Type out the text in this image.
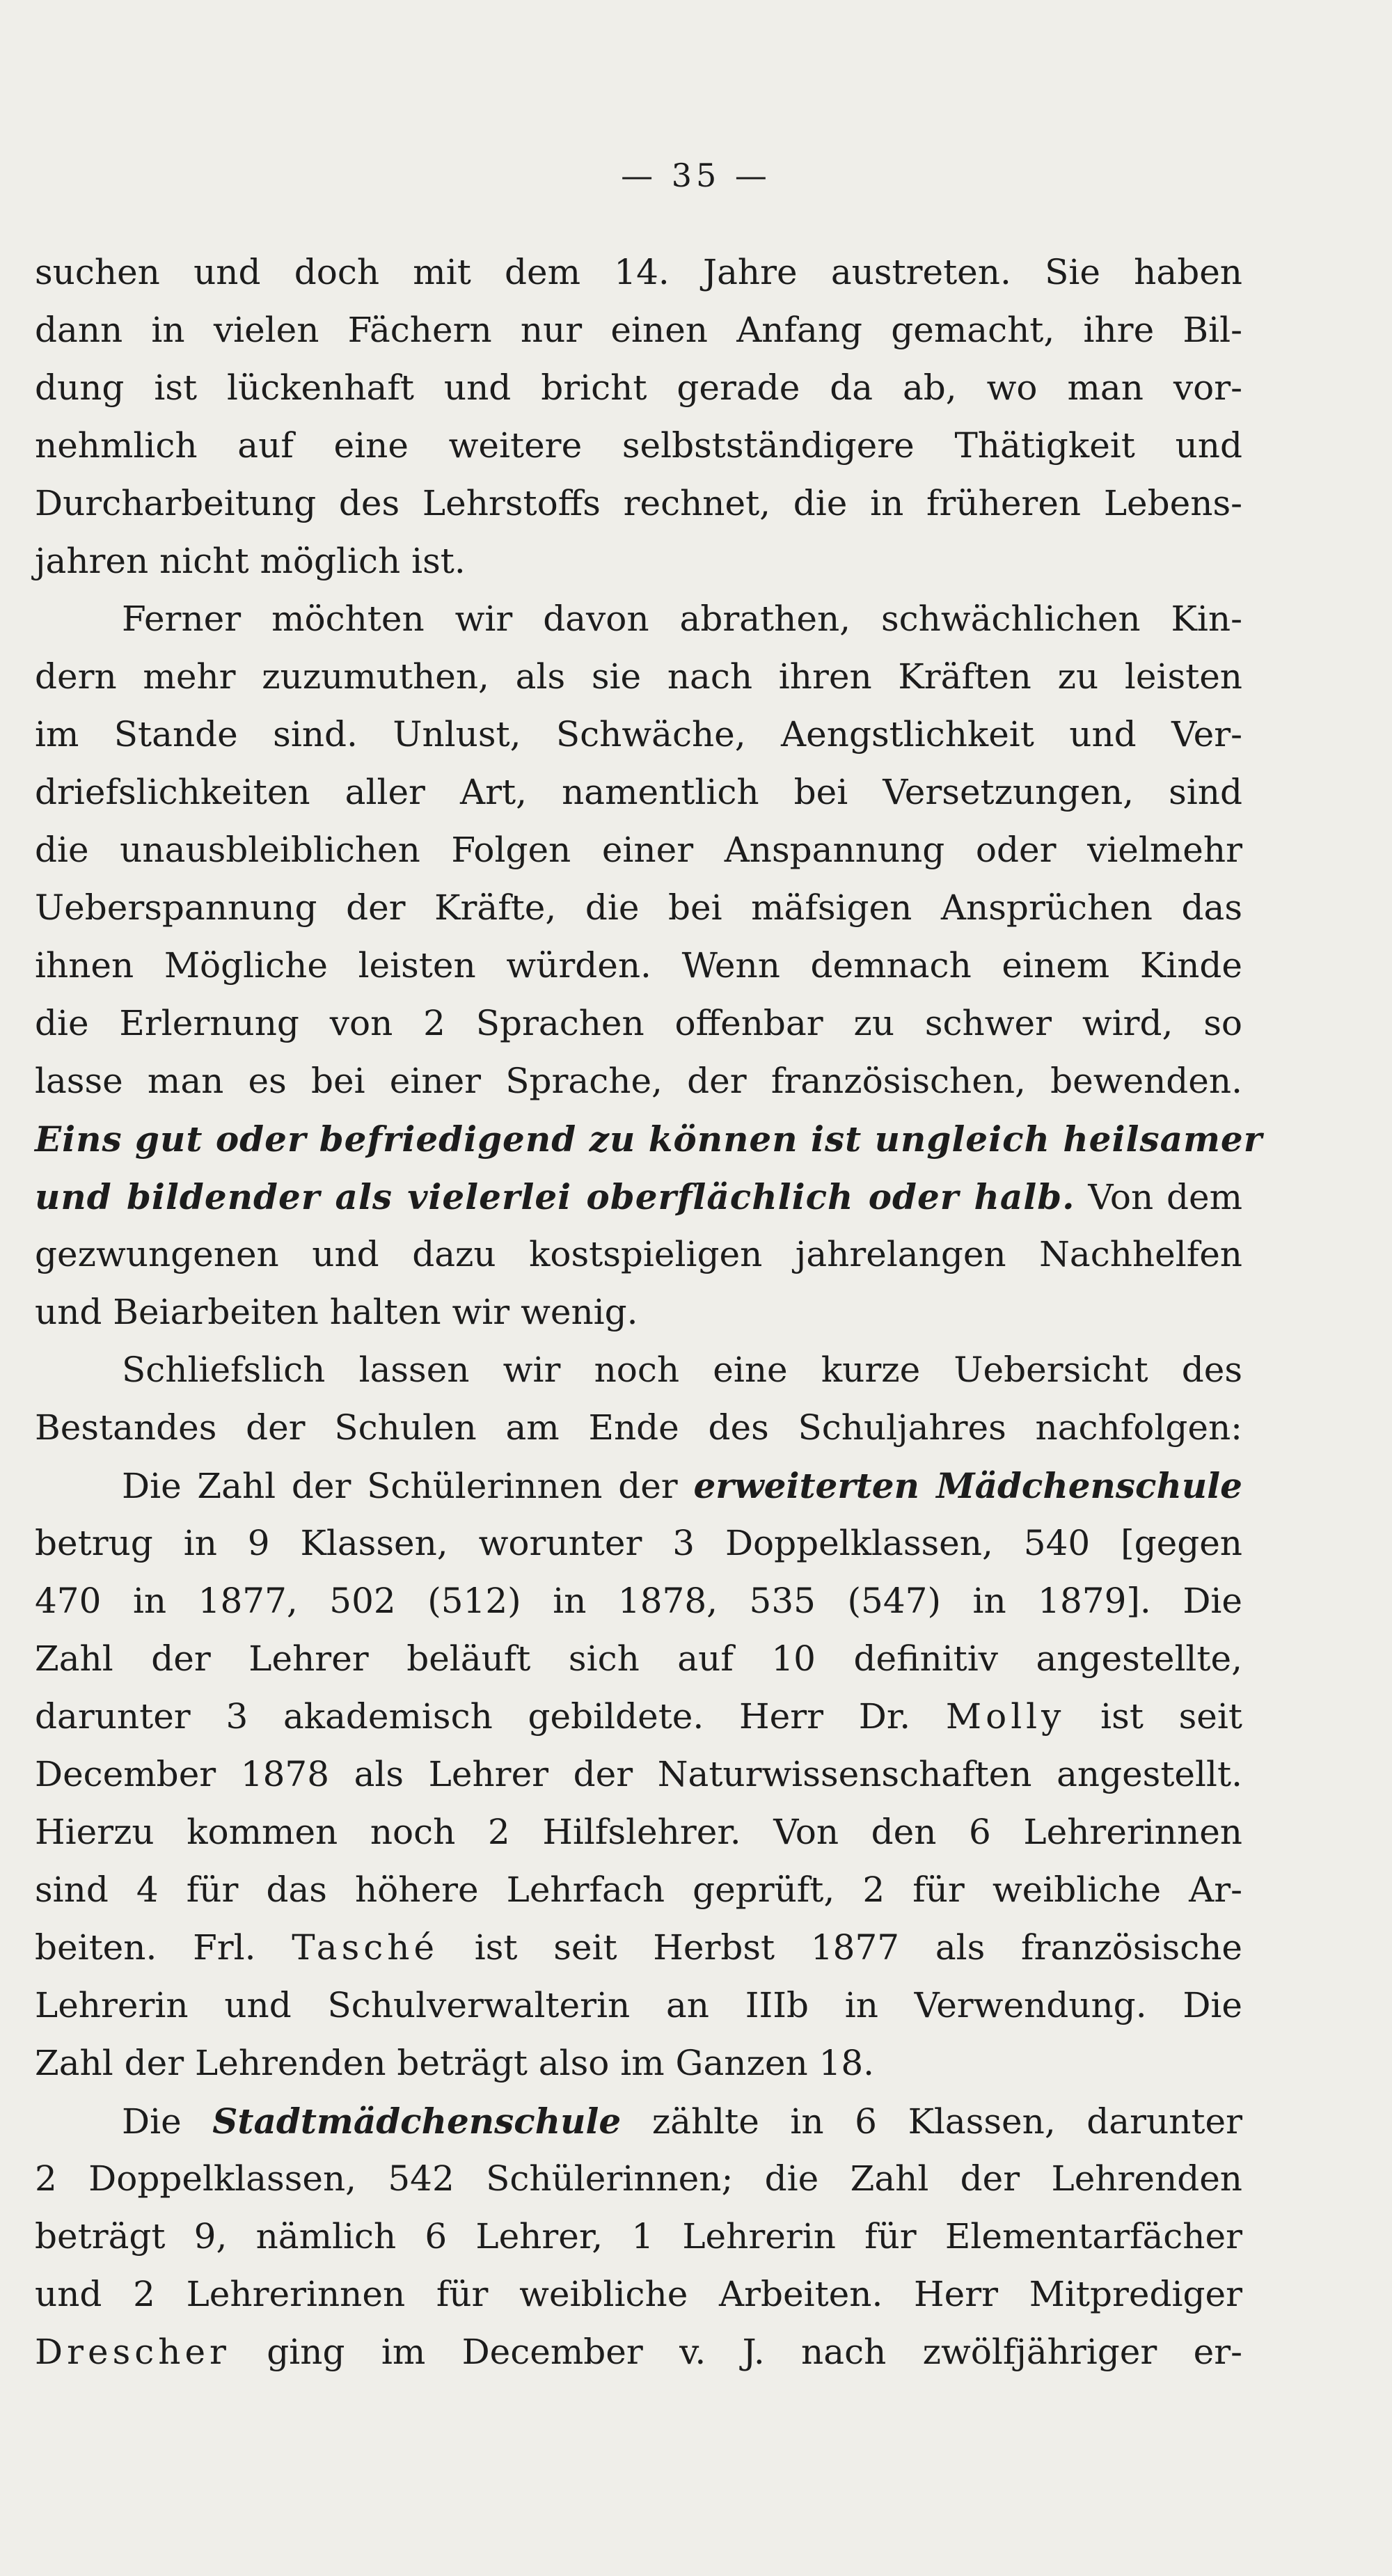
— 35 —
suchen und doch mit dem 14. Jahre austreten. Sie haben
dann in vielen Fächern nur einen Anfang gemacht, ihre Bil-
dung ist lückenhaft und bricht gerade da ab, wo man vor-
nehmlich auf eine weitere selbstständigere Thätigkeit und
Durcharbeitung des Lehrstoffs rechnet, die in früheren Lebens-
jahren nicht möglich ist.
Ferner möchten wir davon abrathen, schwächlichen Kin-
dern mehr zuzumuthen, als sie nach ihren Kräften zu leisten
im Stande sind. Unlust, Schwäche, Aengstlichkeit und Ver-
driefslichkeiten aller Art, namentlich bei Versetzungen, sind
die unausbleiblichen Folgen einer Anspannung oder vielmehr
Ueberspannung der Kräfte, die bei mäfsigen Ansprüchen das
ihnen Mögliche leisten würden. Wenn demnach einem Kinde
die Erlernung von 2 Sprachen offenbar zu schwer wird, so
lasse man es bei einer Sprache, der französischen, bewenden.
Eins gut oder befriedigend zu können ist ungleich heilsamer
und bildender als vielerlei oberflächlich oder halb. Von dem
gezwungenen und dazu kostspieligen jahrelangen Nachhelfen
und Beiarbeiten halten wir wenig.
Schliefslich lassen wir noch eine kurze Uebersicht des
Bestandes der Schulen am Ende des Schuljahres nachfolgen:
Die Zahl der Schülerinnen der erweiterten Mädchenschule
betrug in 9 Klassen, worunter 3 Doppelklassen, 540 [gegen
470 in 1877, 502 (512) in 1878, 535 (547) in 1879]. Die
Zahl der Lehrer beläuft sich auf 10 definitiv angestellte,
darunter 3 akademisch gebildete. Herr Dr. Molly ist seit
December 1878 als Lehrer der Naturwissenschaften angestellt.
Hierzu kommen noch 2 Hilfslehrer. Von den 6 Lehrerinnen
sind 4 für das höhere Lehrfach geprüft, 2 für weibliche Ar-
beiten. Frl. Tasché ist seit Herbst 1877 als französische
Lehrerin und Schulverwalterin an IIIb in Verwendung. Die
Zahl der Lehrenden beträgt also im Ganzen 18.
Die Stadtmädchenschule zählte in 6 Klassen, darunter
2 Doppelklassen, 542 Schülerinnen; die Zahl der Lehrenden
beträgt 9, nämlich 6 Lehrer, 1 Lehrerin für Elementarfächer
und 2 Lehrerinnen für weibliche Arbeiten. Herr Mitprediger
Drescher ging im December v. J. nach zwölfjähriger er-
